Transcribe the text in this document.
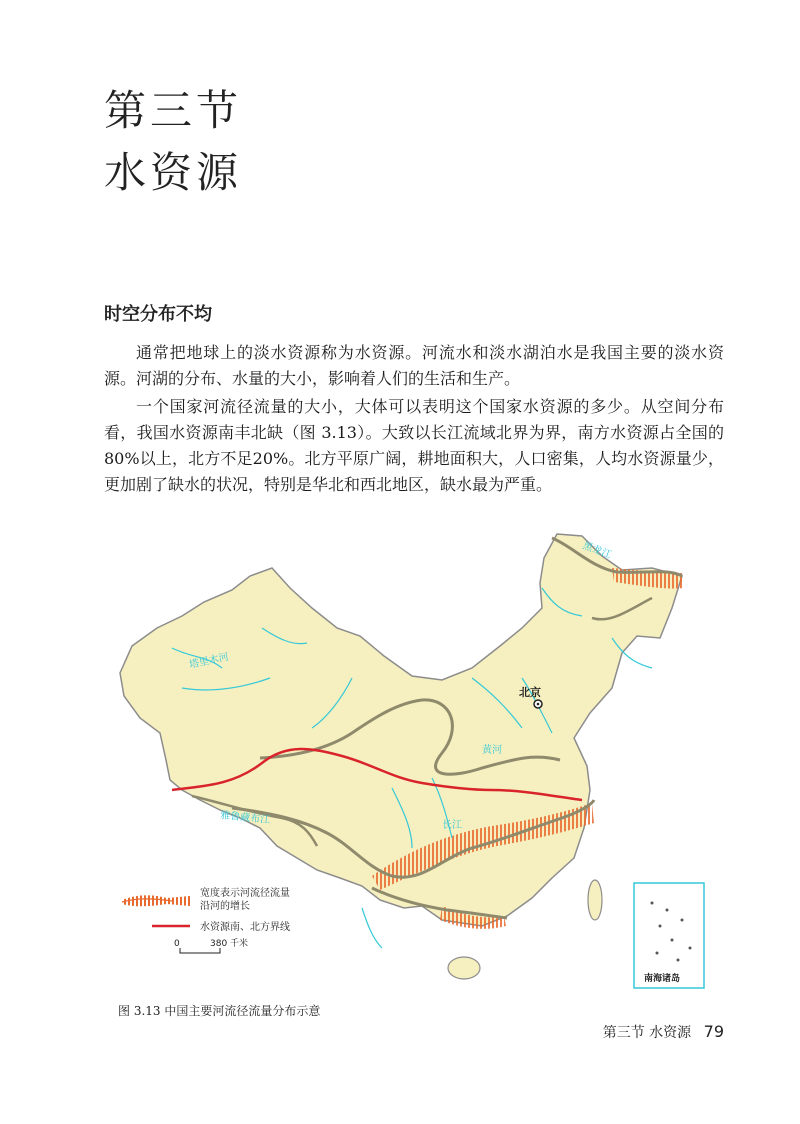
第三节
水资源
时空分布不均

通常把地球上的淡水资源称为水资源。河流水和淡水湖泊水是我国主要的淡水资源。河湖的分布、水量的大小，影响着人们的生活和生产。

一个国家河流径流量的大小，大体可以表明这个国家水资源的多少。从空间分布看，我国水资源南丰北缺（图 3.13）。大致以长江流域北界为界，南方水资源占全国的80%以上，北方不足20%。北方平原广阔，耕地面积大，人口密集，人均水资源量少，更加剧了缺水的状况，特别是华北和西北地区，缺水最为严重。

北京
塔里木河
雅鲁藏布江	长江
黄河
黑龙江
南海诸岛
宽度表示河流径流量
沿河的增长
水资源南、北方界线
0	380 千米
图 3.13 中国主要河流径流量分布示意
第三节 水资源 79
